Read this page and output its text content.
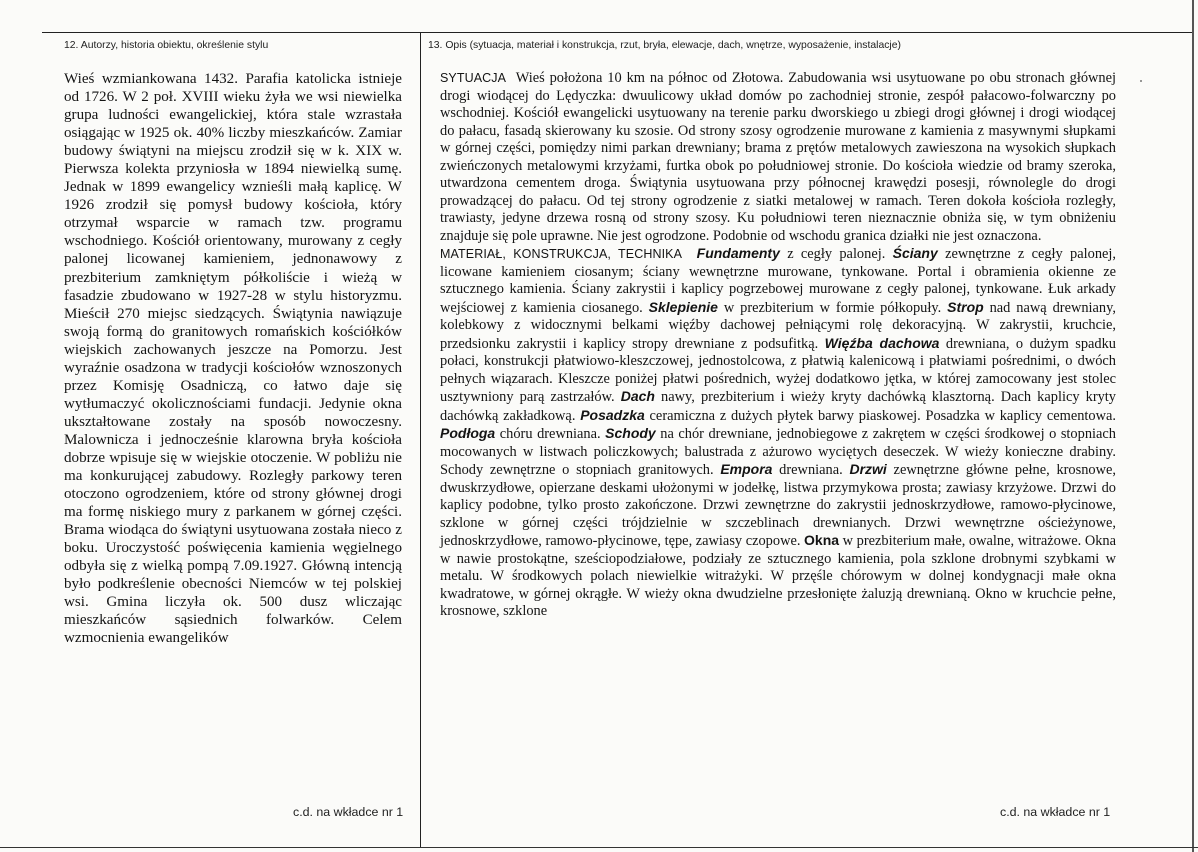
12. Autorzy, historia obiektu, określenie stylu	13. Opis (sytuacja, materiał i konstrukcja, rzut, bryła, elewacje, dach, wnętrze, wyposażenie, instalacje)

Wieś wzmiankowana 1432. Parafia katolicka istnieje od 1726. W 2 poł. XVIII wieku żyła we wsi niewielka grupa ludności ewangelickiej, która stale wzrastała osiągając w 1925 ok. 40% liczby mieszkańców. Zamiar budowy świątyni na miejscu zrodził się w k. XIX w. Pierwsza kolekta przyniosła w 1894 niewielką sumę. Jednak w 1899 ewangelicy wznieśli małą kaplicę. W 1926 zrodził się pomysł budowy kościoła, który otrzymał wsparcie w ramach tzw. programu wschodniego. Kościół orientowany, murowany z cegły palonej licowanej kamieniem, jednonawowy z prezbiterium zamkniętym półkoliście i wieżą w fasadzie zbudowano w 1927-28 w stylu historyzmu. Mieścił 270 miejsc siedzących. Świątynia nawiązuje swoją formą do granitowych romańskich kościółków wiejskich zachowanych jeszcze na Pomorzu. Jest wyraźnie osadzona w tradycji kościołów wznoszonych przez Komisję Osadniczą, co łatwo daje się wytłumaczyć okolicznościami fundacji. Jedynie okna ukształtowane zostały na sposób nowoczesny. Malownicza i jednocześnie klarowna bryła kościoła dobrze wpisuje się w wiejskie otoczenie. W pobliżu nie ma konkurującej zabudowy. Rozległy parkowy teren otoczono ogrodzeniem, które od strony głównej drogi ma formę niskiego mury z parkanem w górnej części. Brama wiodąca do świątyni usytuowana została nieco z boku. Uroczystość poświęcenia kamienia węgielnego odbyła się z wielką pompą 7.09.1927. Główną intencją było podkreślenie obecności Niemców w tej polskiej wsi. Gmina liczyła ok. 500 dusz wliczając mieszkańców sąsiednich folwarków. Celem wzmocnienia ewangelików

SYTUACJA Wieś położona 10 km na północ od Złotowa. Zabudowania wsi usytuowane po obu stronach głównej drogi wiodącej do Lędyczka: dwuulicowy układ domów po zachodniej stronie, zespół pałacowo-folwarczny po wschodniej. Kościół ewangelicki usytuowany na terenie parku dworskiego u zbiegi drogi głównej i drogi wiodącej do pałacu, fasadą skierowany ku szosie. Od strony szosy ogrodzenie murowane z kamienia z masywnymi słupkami w górnej części, pomiędzy nimi parkan drewniany; brama z prętów metalowych zawieszona na wysokich słupkach zwieńczonych metalowymi krzyżami, furtka obok po południowej stronie. Do kościoła wiedzie od bramy szeroka, utwardzona cementem droga. Świątynia usytuowana przy północnej krawędzi posesji, równolegle do drogi prowadzącej do pałacu. Od tej strony ogrodzenie z siatki metalowej w ramach. Teren dokoła kościoła rozległy, trawiasty, jedyne drzewa rosną od strony szosy. Ku południowi teren nieznacznie obniża się, w tym obniżeniu znajduje się pole uprawne. Nie jest ogrodzone. Podobnie od wschodu granica działki nie jest oznaczona.

MATERIAŁ, KONSTRUKCJA, TECHNIKA Fundamenty z cegły palonej. Ściany zewnętrzne z cegły palonej, licowane kamieniem ciosanym; ściany wewnętrzne murowane, tynkowane. Portal i obramienia okienne ze sztucznego kamienia. Ściany zakrystii i kaplicy pogrzebowej murowane z cegły palonej, tynkowane. Łuk arkady wejściowej z kamienia ciosanego. Sklepienie w prezbiterium w formie półkopuły. Strop nad nawą drewniany, kolebkowy z widocznymi belkami więźby dachowej pełniącymi rolę dekoracyjną. W zakrystii, kruchcie, przedsionku zakrystii i kaplicy stropy drewniane z podsufitką. Więźba dachowa drewniana, o dużym spadku połaci, konstrukcji płatwiowo-kleszczowej, jednostolcowa, z płatwią kalenicową i płatwiami pośrednimi, o dwóch pełnych wiązarach. Kleszcze poniżej płatwi pośrednich, wyżej dodatkowo jętka, w której zamocowany jest stolec usztywniony parą zastrzałów. Dach nawy, prezbiterium i wieży kryty dachówką klasztorną. Dach kaplicy kryty dachówką zakładkową. Posadzka ceramiczna z dużych płytek barwy piaskowej. Posadzka w kaplicy cementowa. Podłoga chóru drewniana. Schody na chór drewniane, jednobiegowe z zakrętem w części środkowej o stopniach mocowanych w listwach policzkowych; balustrada z ażurowo wyciętych deseczek. W wieży konieczne drabiny. Schody zewnętrzne o stopniach granitowych. Empora drewniana. Drzwi zewnętrzne główne pełne, krosnowe, dwuskrzydłowe, opierzane deskami ułożonymi w jodełkę, listwa przymykowa prosta; zawiasy krzyżowe. Drzwi do kaplicy podobne, tylko prosto zakończone. Drzwi zewnętrzne do zakrystii jednoskrzydłowe, ramowo-płycinowe, szklone w górnej części trójdzielnie w szczeblinach drewnianych. Drzwi wewnętrzne ościeżynowe, jednoskrzydłowe, ramowo-płycinowe, tępe, zawiasy czopowe. Okna w prezbiterium małe, owalne, witrażowe. Okna w nawie prostokątne, sześciopodziałowe, podziały ze sztucznego kamienia, pola szklone drobnymi szybkami w metalu. W środkowych polach niewielkie witrażyki. W przęśle chórowym w dolnej kondygnacji małe okna kwadratowe, w górnej okrągłe. W wieży okna dwudzielne przesłonięte żaluzją drewnianą. Okno w kruchcie pełne, krosnowe, szklone

c.d. na wkładce nr 1	c.d. na wkładce nr 1
